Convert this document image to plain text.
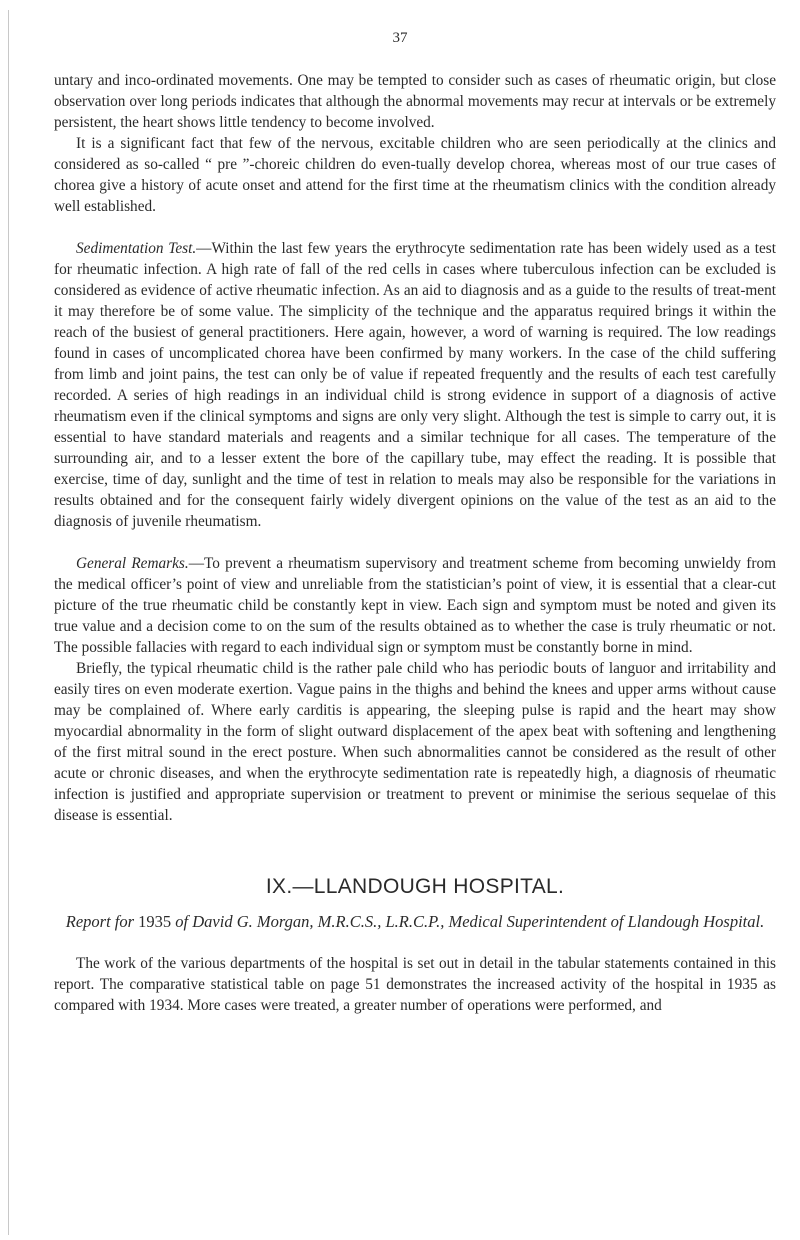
37

untary and inco-ordinated movements. One may be tempted to consider such as cases of rheumatic origin, but close observation over long periods indicates that although the abnormal movements may recur at intervals or be extremely persistent, the heart shows little tendency to become involved.

It is a significant fact that few of the nervous, excitable children who are seen periodically at the clinics and considered as so-called “ pre ”-choreic children do even-tually develop chorea, whereas most of our true cases of chorea give a history of acute onset and attend for the first time at the rheumatism clinics with the condition already well established.

Sedimentation Test.—Within the last few years the erythrocyte sedimentation rate has been widely used as a test for rheumatic infection. A high rate of fall of the red cells in cases where tuberculous infection can be excluded is considered as evidence of active rheumatic infection. As an aid to diagnosis and as a guide to the results of treat-ment it may therefore be of some value. The simplicity of the technique and the apparatus required brings it within the reach of the busiest of general practitioners. Here again, however, a word of warning is required. The low readings found in cases of uncomplicated chorea have been confirmed by many workers. In the case of the child suffering from limb and joint pains, the test can only be of value if repeated frequently and the results of each test carefully recorded. A series of high readings in an individual child is strong evidence in support of a diagnosis of active rheumatism even if the clinical symptoms and signs are only very slight. Although the test is simple to carry out, it is essential to have standard materials and reagents and a similar technique for all cases. The temperature of the surrounding air, and to a lesser extent the bore of the capillary tube, may effect the reading. It is possible that exercise, time of day, sunlight and the time of test in relation to meals may also be responsible for the variations in results obtained and for the consequent fairly widely divergent opinions on the value of the test as an aid to the diagnosis of juvenile rheumatism.

General Remarks.—To prevent a rheumatism supervisory and treatment scheme from becoming unwieldy from the medical officer’s point of view and unreliable from the statistician’s point of view, it is essential that a clear-cut picture of the true rheumatic child be constantly kept in view. Each sign and symptom must be noted and given its true value and a decision come to on the sum of the results obtained as to whether the case is truly rheumatic or not. The possible fallacies with regard to each individual sign or symptom must be constantly borne in mind.

Briefly, the typical rheumatic child is the rather pale child who has periodic bouts of languor and irritability and easily tires on even moderate exertion. Vague pains in the thighs and behind the knees and upper arms without cause may be complained of. Where early carditis is appearing, the sleeping pulse is rapid and the heart may show myocardial abnormality in the form of slight outward displacement of the apex beat with softening and lengthening of the first mitral sound in the erect posture. When such abnormalities cannot be considered as the result of other acute or chronic diseases, and when the erythrocyte sedimentation rate is repeatedly high, a diagnosis of rheumatic infection is justified and appropriate supervision or treatment to prevent or minimise the serious sequelae of this disease is essential.

IX.—LLANDOUGH HOSPITAL.
Report for 1935 of David G. Morgan, M.R.C.S., L.R.C.P., Medical Superintendent of Llandough Hospital.

The work of the various departments of the hospital is set out in detail in the tabular statements contained in this report. The comparative statistical table on page 51 demonstrates the increased activity of the hospital in 1935 as compared with 1934. More cases were treated, a greater number of operations were performed, and
